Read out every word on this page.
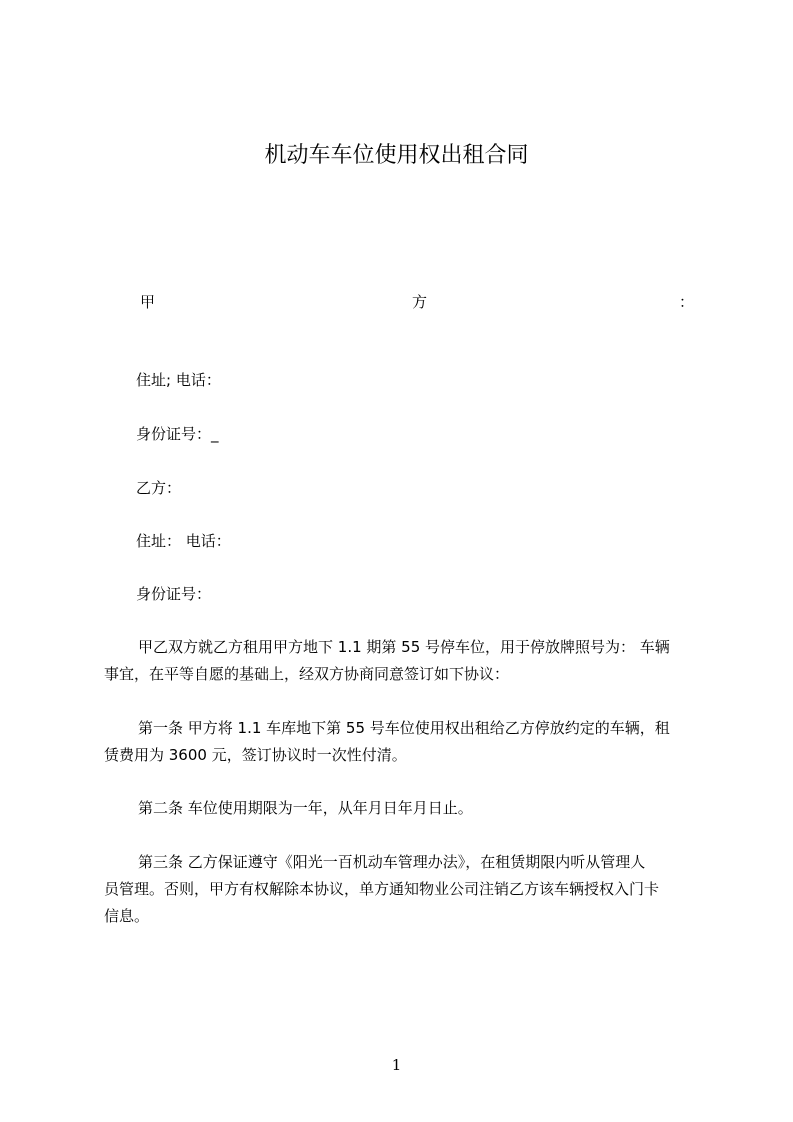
机动车车位使用权出租合同
甲	方	：
住址; 电话：
身份证号：_
乙方：
住址： 电话：
身份证号：
甲乙双方就乙方租用甲方地下 1.1 期第 55 号停车位，用于停放牌照号为： 车辆
事宜，在平等自愿的基础上，经双方协商同意签订如下协议：
第一条 甲方将 1.1 车库地下第 55 号车位使用权出租给乙方停放约定的车辆，租
赁费用为 3600 元，签订协议时一次性付清。
第二条 车位使用期限为一年，从年月日年月日止。
第三条 乙方保证遵守《阳光一百机动车管理办法》，在租赁期限内听从管理人
员管理。否则，甲方有权解除本协议，单方通知物业公司注销乙方该车辆授权入门卡
信息。
1
